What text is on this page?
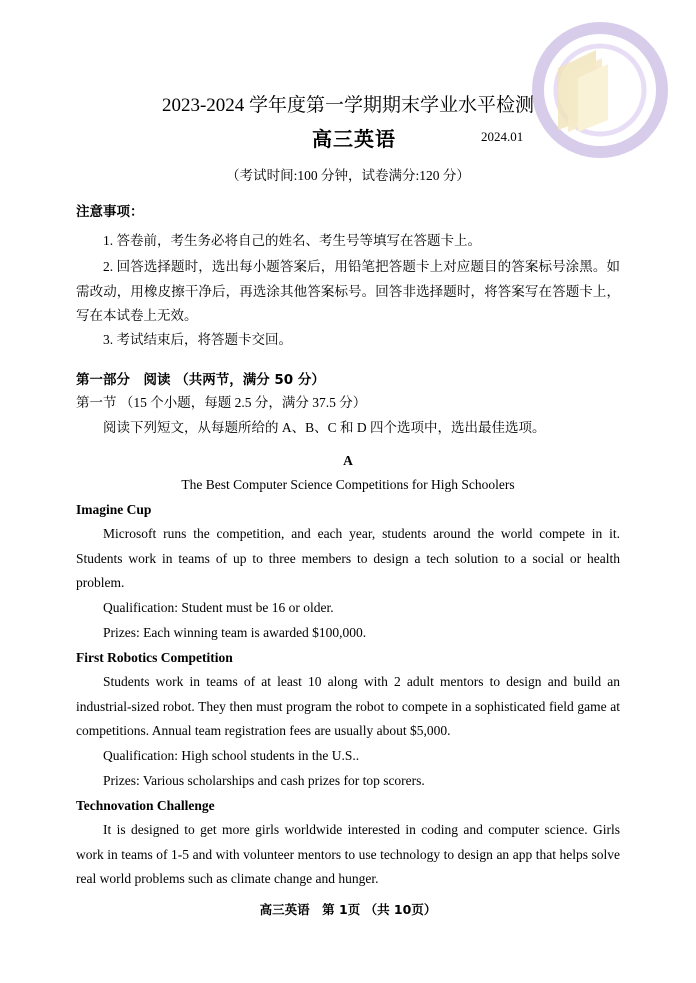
2023-2024 学年度第一学期期末学业水平检测
高三英语	2024.01
（考试时间:100 分钟，试卷满分:120 分）
注意事项：
1. 答卷前，考生务必将自己的姓名、考生号等填写在答题卡上。
2. 回答选择题时，选出每小题答案后，用铅笔把答题卡上对应题目的答案标号涂黑。如需改动，用橡皮擦干净后，再选涂其他答案标号。回答非选择题时，将答案写在答题卡上，写在本试卷上无效。
3. 考试结束后，将答题卡交回。
第一部分　阅读 （共两节，满分 50 分）
第一节 （15 个小题，每题 2.5 分，满分 37.5 分）
阅读下列短文，从每题所给的 A、B、C 和 D 四个选项中，选出最佳选项。
A
The Best Computer Science Competitions for High Schoolers
Imagine Cup
Microsoft runs the competition, and each year, students around the world compete in it. Students work in teams of up to three members to design a tech solution to a social or health problem.
Qualification: Student must be 16 or older.
Prizes: Each winning team is awarded $100,000.
First Robotics Competition
Students work in teams of at least 10 along with 2 adult mentors to design and build an industrial-sized robot. They then must program the robot to compete in a sophisticated field game at competitions. Annual team registration fees are usually about $5,000.
Qualification: High school students in the U.S..
Prizes: Various scholarships and cash prizes for top scorers.
Technovation Challenge
It is designed to get more girls worldwide interested in coding and computer science. Girls work in teams of 1-5 and with volunteer mentors to use technology to design an app that helps solve real world problems such as climate change and hunger.
高三英语　第 1页 （共 10页）
